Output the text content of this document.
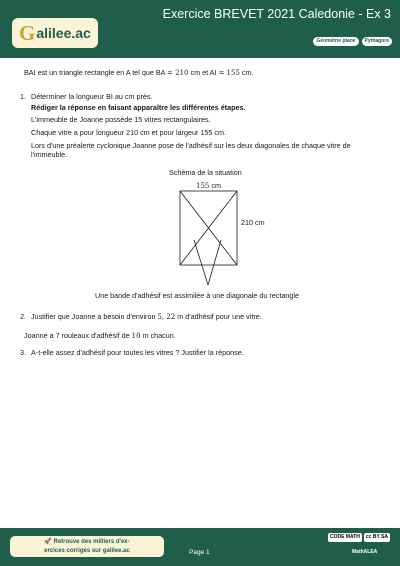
G alilee.ac
Exercice BREVET 2021 Caledonie - Ex 3
Géométrie plane	Pythagore
BAI est un triangle rectangle en A tel que BA = 210 cm et AI = 155 cm.
1. Déterminer la longueur BI au cm près.
Rédiger la réponse en faisant apparaître les différentes étapes.
L'immeuble de Joanne possède 15 vitres rectangulaires.
Chaque vitre a pour longueur 210 cm et pour largeur 155 cm.
Lors d'une préalerte cyclonique Joanne pose de l'adhésif sur les deux diagonales de chaque vitre de
l'immeuble.
Schéma de la situation
155 cm
210 cm
Une bande d'adhésif est assimilée à une diagonale du rectangle
2. Justifier que Joanne a besoin d'environ 5, 22 m d'adhésif pour une vitre.
Joanne a 7 rouleaux d'adhésif de 10 m chacun.
3. A-t-elle assez d'adhésif pour toutes les vitres ? Justifier la réponse.
🚀 Retrouve des milliers d'ex-
ercices corrigés sur galilee.ac	Page 1
CODE MATH	cc BY SA
MathALEA
